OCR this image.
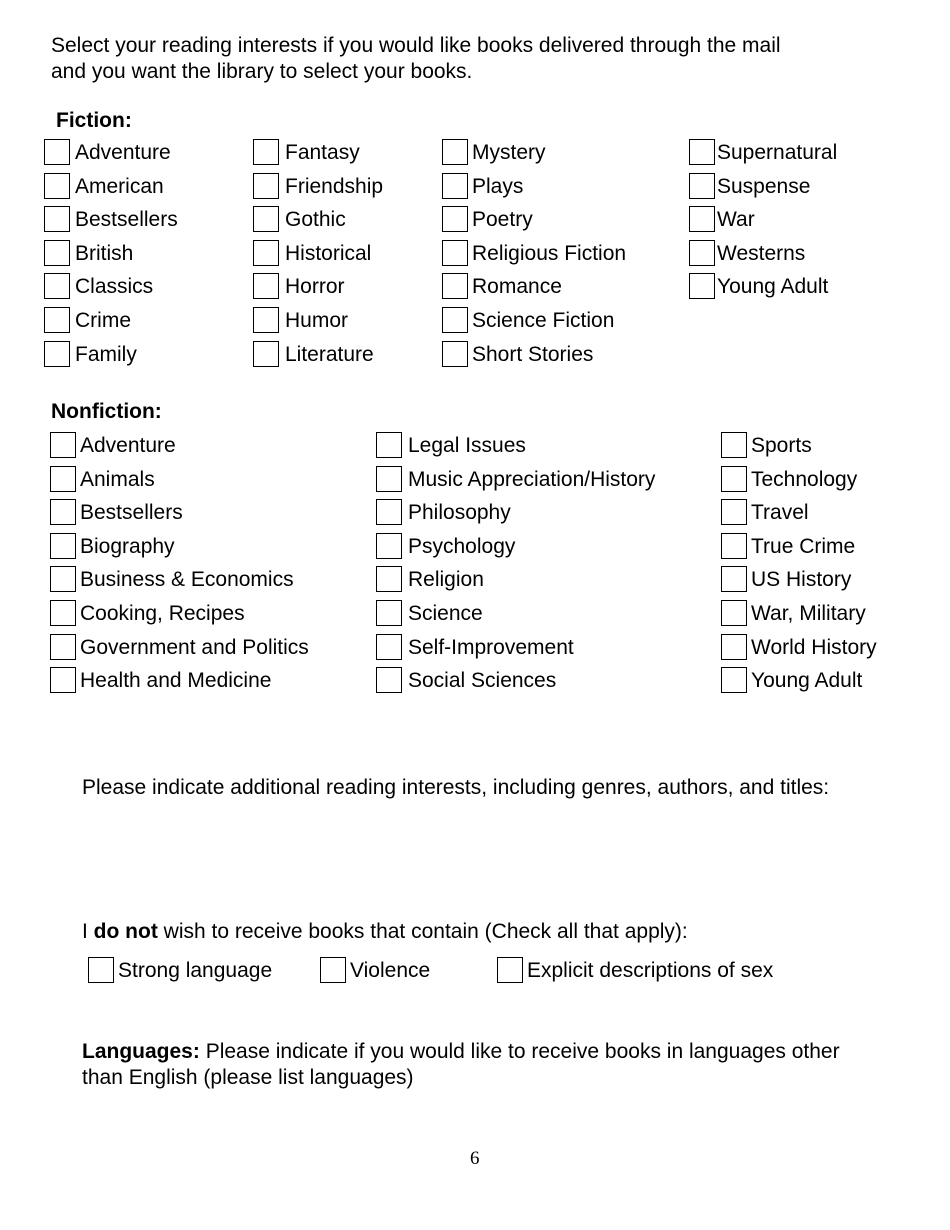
Select your reading interests if you would like books delivered through the mail
and you want the library to select your books.
Fiction:
Adventure
American
Bestsellers
British
Classics
Crime
Family
Fantasy
Friendship
Gothic
Historical
Horror
Humor
Literature
Mystery
Plays
Poetry
Religious Fiction
Romance
Science Fiction
Short Stories
Supernatural
Suspense
War
Westerns
Young Adult
Nonfiction:
Adventure
Animals
Bestsellers
Biography
Business & Economics
Cooking, Recipes
Government and Politics
Health and Medicine
Legal Issues
Music Appreciation/History
Philosophy
Psychology
Religion
Science
Self-Improvement
Social Sciences
Sports
Technology
Travel
True Crime
US History
War, Military
World History
Young Adult
Please indicate additional reading interests, including genres, authors, and titles:
I do not wish to receive books that contain (Check all that apply):
Strong language	Violence	Explicit descriptions of sex
Languages: Please indicate if you would like to receive books in languages other
than English (please list languages)
6
